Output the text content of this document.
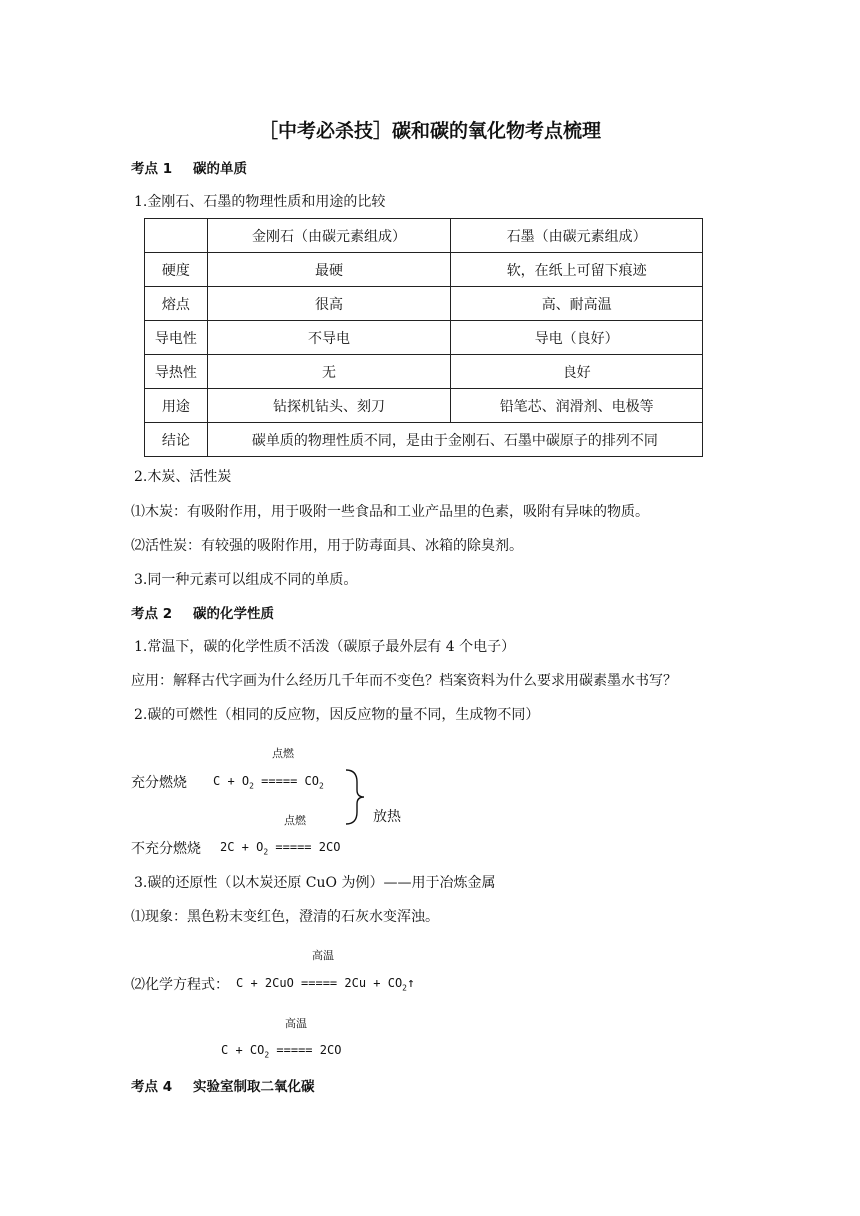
［中考必杀技］碳和碳的氧化物考点梳理
考点 1 碳的单质
1.金刚石、石墨的物理性质和用途的比较
	金刚石（由碳元素组成）	石墨（由碳元素组成）
硬度	最硬	软，在纸上可留下痕迹
熔点	很高	高、耐高温
导电性	不导电	导电（良好）
导热性	无	良好
用途	钻探机钻头、刻刀	铅笔芯、润滑剂、电极等
结论	碳单质的物理性质不同，是由于金刚石、石墨中碳原子的排列不同	
2.木炭、活性炭
⑴木炭：有吸附作用，用于吸附一些食品和工业产品里的色素，吸附有异味的物质。
⑵活性炭：有较强的吸附作用，用于防毒面具、冰箱的除臭剂。
3.同一种元素可以组成不同的单质。
考点 2 碳的化学性质
1.常温下，碳的化学性质不活泼（碳原子最外层有 4 个电子）
应用：解释古代字画为什么经历几千年而不变色？档案资料为什么要求用碳素墨水书写？
2.碳的可燃性（相同的反应物，因反应物的量不同，生成物不同）
点燃
充分燃烧 $C + O_2$ ===== $CO_2$
放热
点燃
不充分燃烧 $2C + O_2$ ===== 2CO
3.碳的还原性（以木炭还原 CuO 为例）——用于冶炼金属
⑴现象：黑色粉末变红色，澄清的石灰水变浑浊。
高温
⑵化学方程式： C + 2CuO ===== $2Cu + CO_2↑$
高温
$C + CO_2$ ===== 2CO
考点 4 实验室制取二氧化碳
